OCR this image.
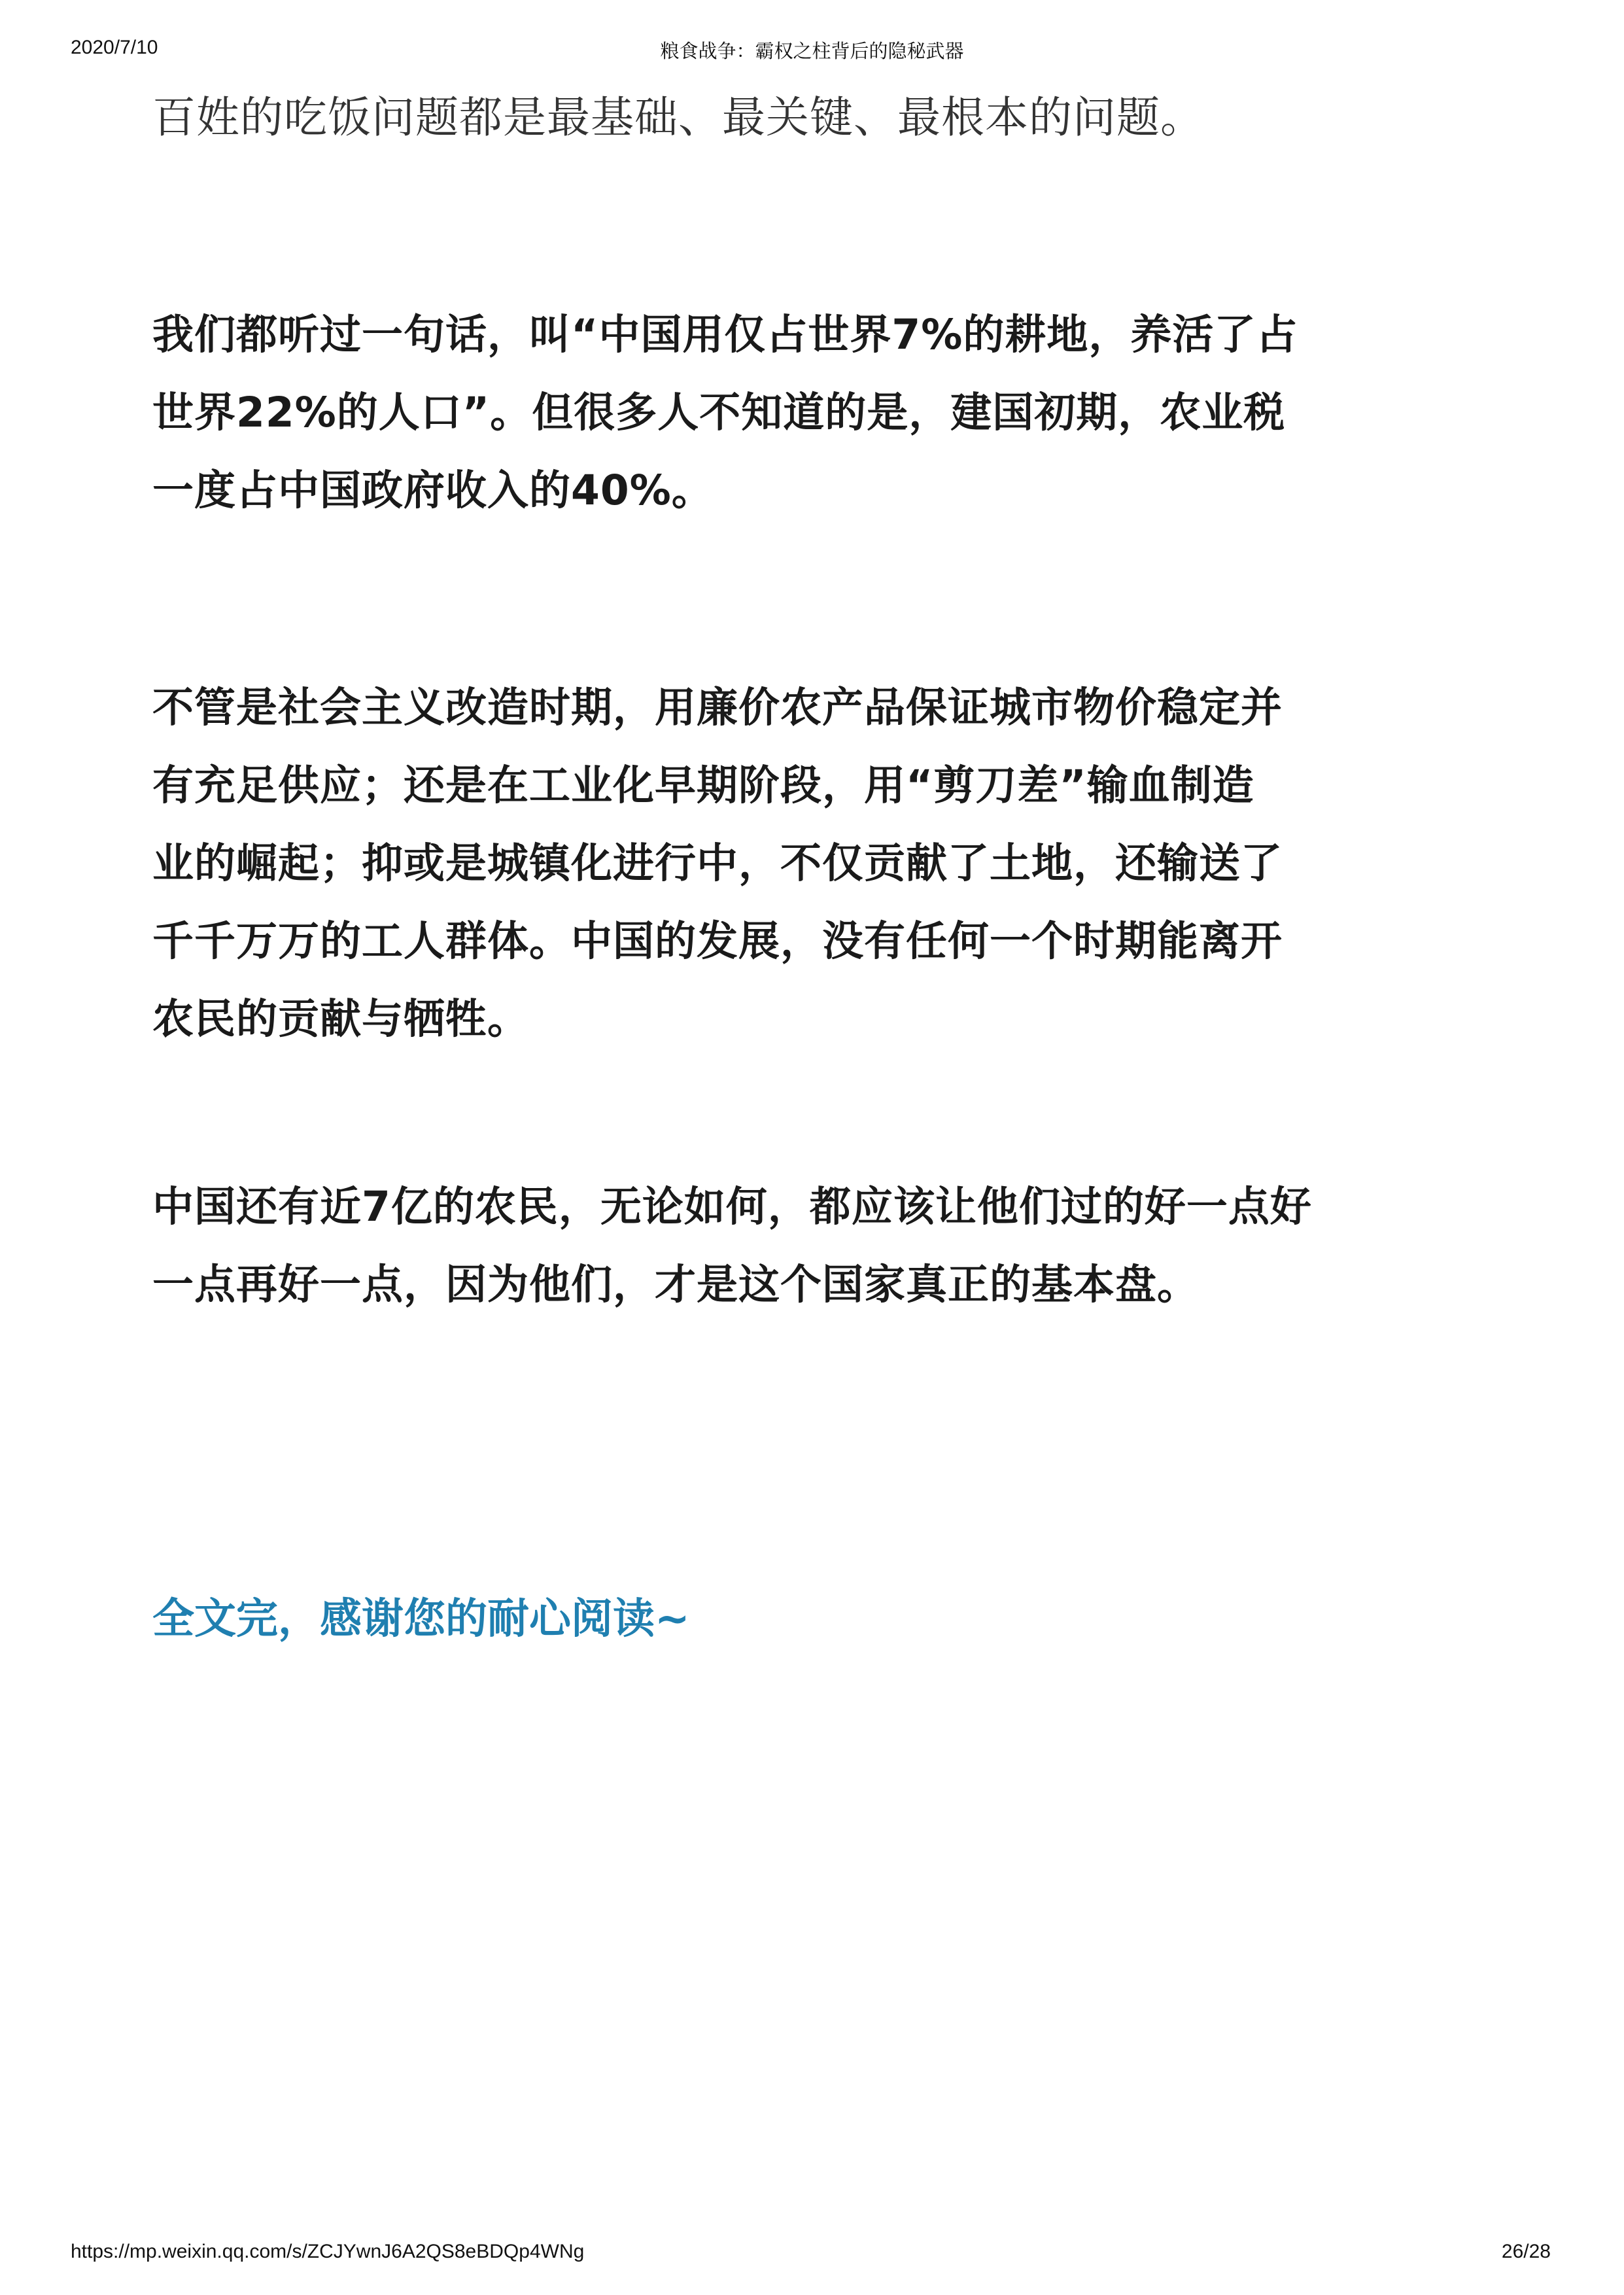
2020/7/10	粮食战争：霸权之柱背后的隐秘武器

百姓的吃饭问题都是最基础、最关键、最根本的问题。

我们都听过一句话，叫“中国用仅占世界7%的耕地，养活了占
世界22%的人口”。但很多人不知道的是，建国初期，农业税
一度占中国政府收入的40%。
不管是社会主义改造时期，用廉价农产品保证城市物价稳定并
有充足供应；还是在工业化早期阶段，用“剪刀差”输血制造
业的崛起；抑或是城镇化进行中，不仅贡献了土地，还输送了
千千万万的工人群体。中国的发展，没有任何一个时期能离开
农民的贡献与牺牲。
中国还有近7亿的农民，无论如何，都应该让他们过的好一点好
一点再好一点，因为他们，才是这个国家真正的基本盘。
全文完，感谢您的耐心阅读~
https://mp.weixin.qq.com/s/ZCJYwnJ6A2QS8eBDQp4WNg	26/28
